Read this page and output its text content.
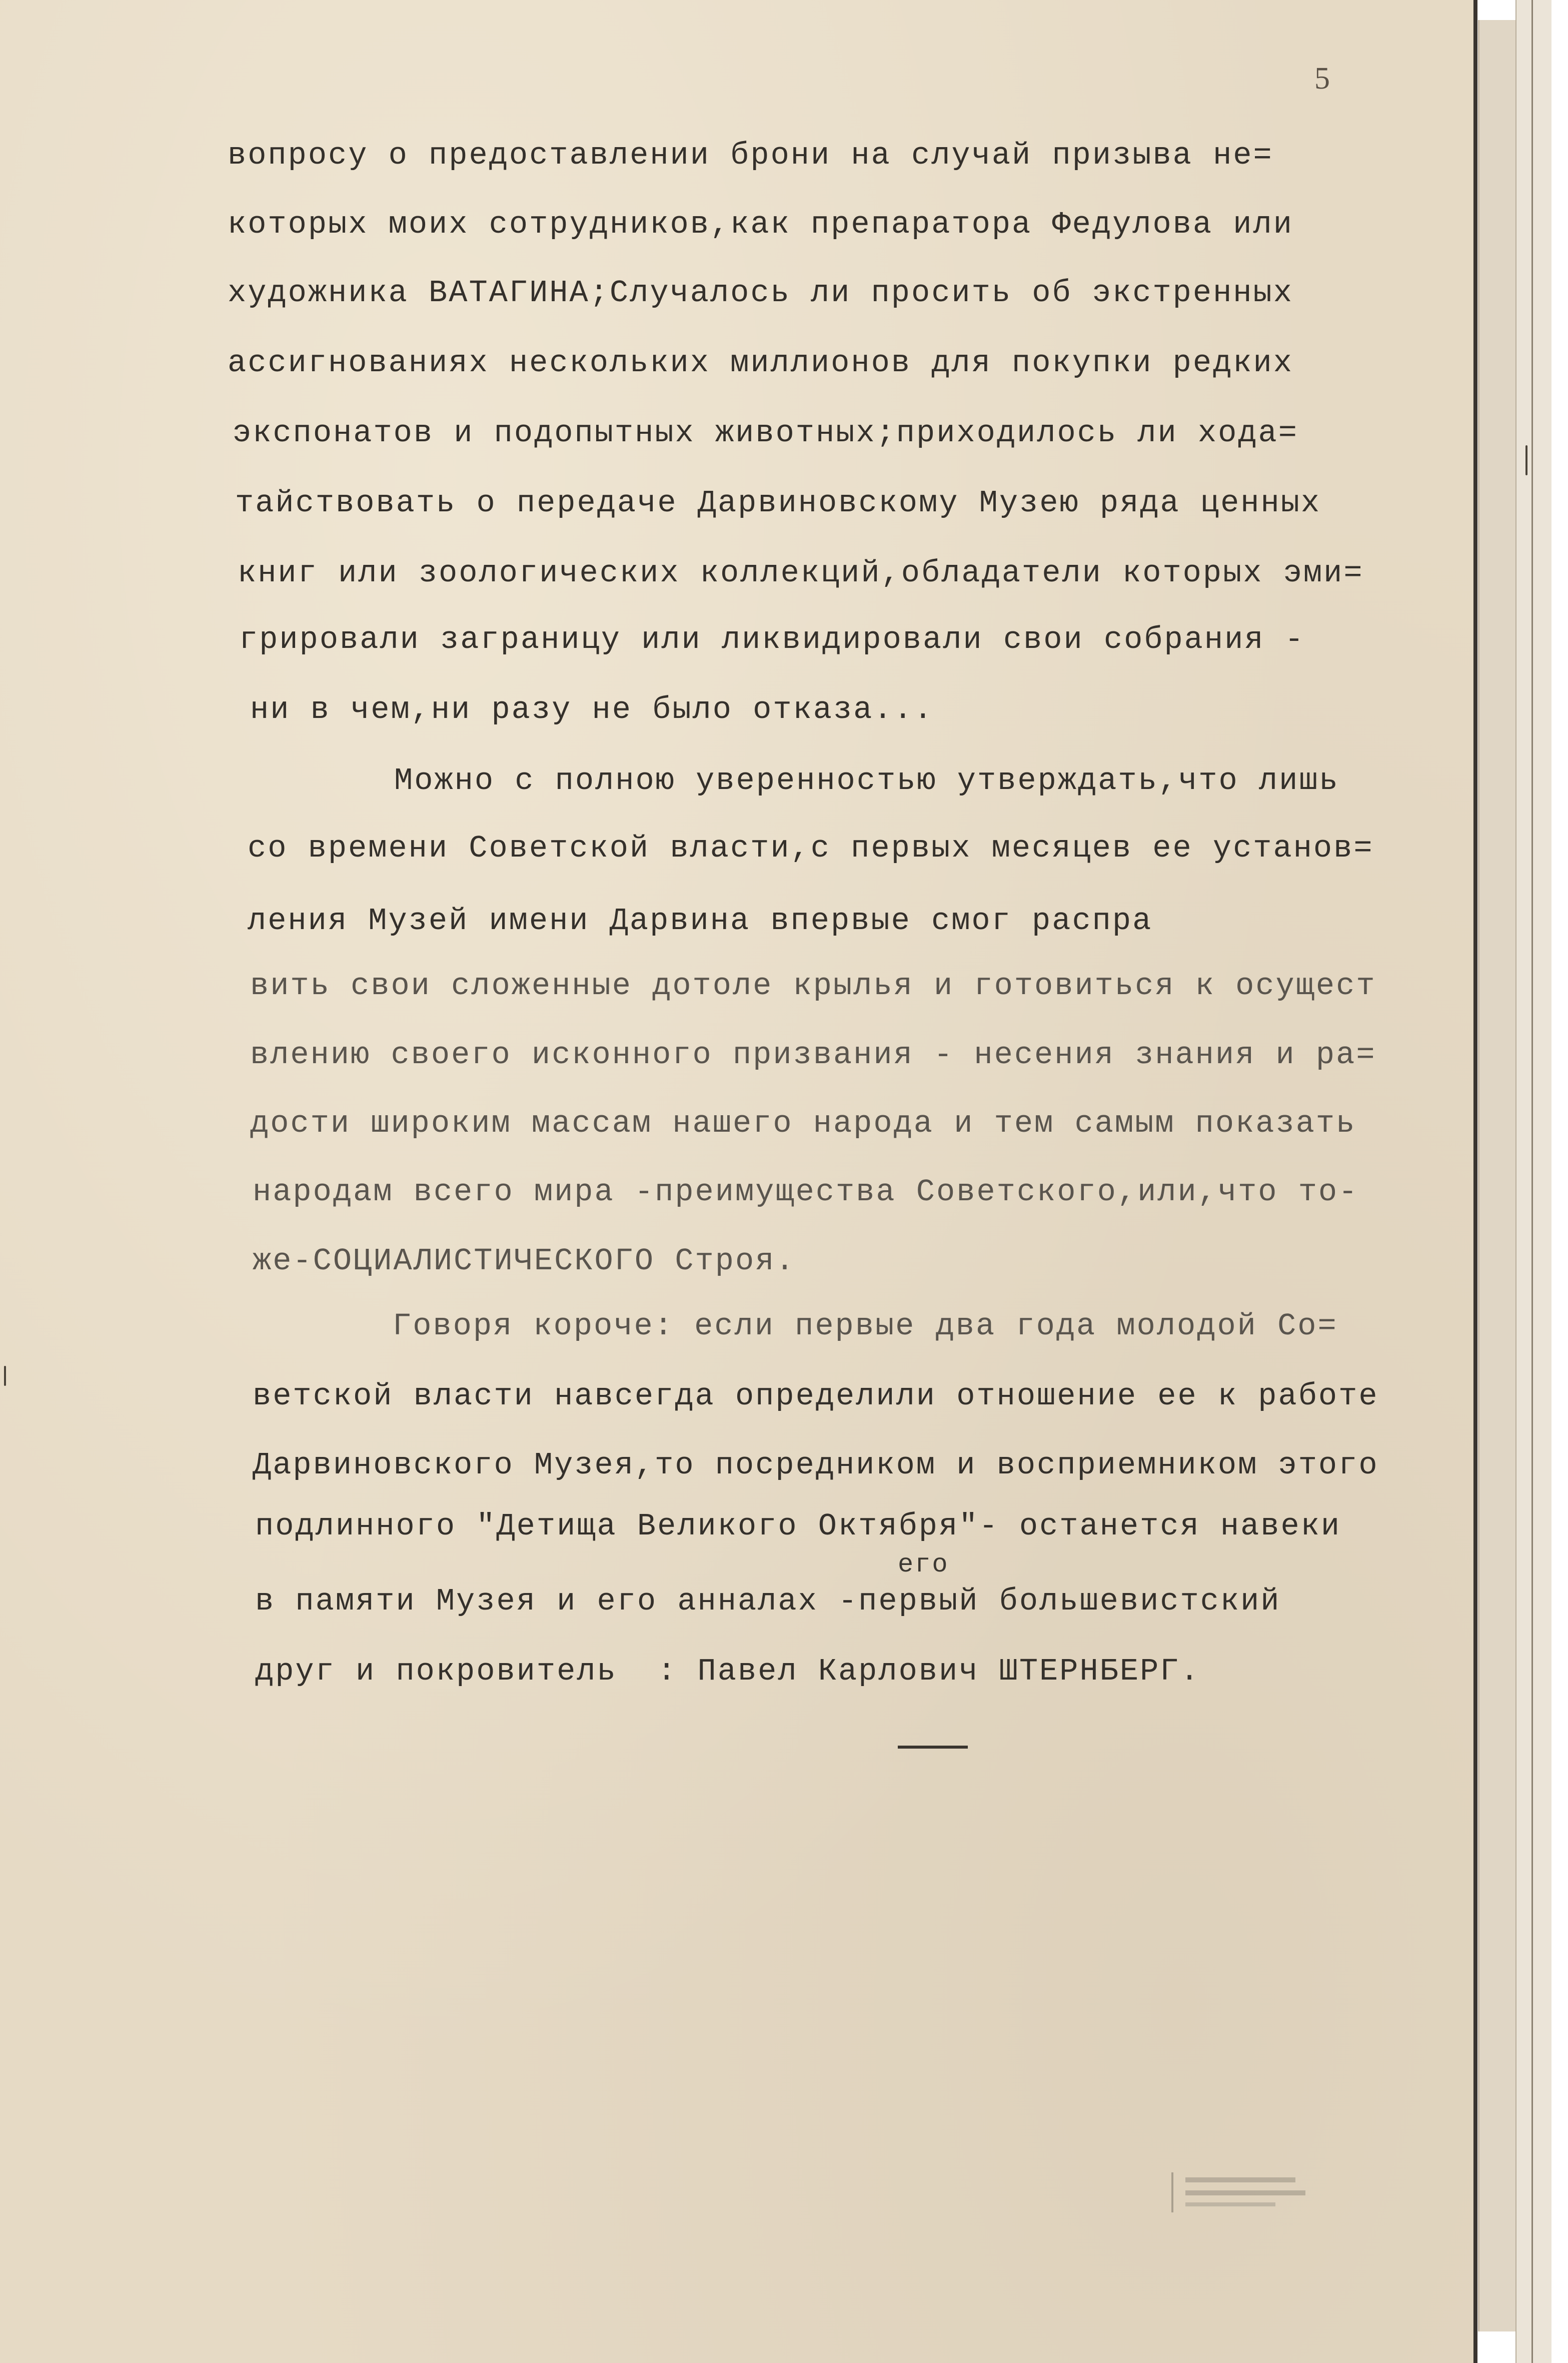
5
вопросу о предоставлении брони на случай призыва не=
которых моих сотрудников,как препаратора Федулова или
художника ВАТАГИНА;Случалось ли просить об экстренных
ассигнованиях нескольких миллионов для покупки редких
экспонатов и подопытных животных;приходилось ли хода=
тайствовать о передаче Дарвиновскому Музею ряда ценных
книг или зоологических коллекций,обладатели которых эми=
грировали заграницу или ликвидировали свои собрания -
ни в чем,ни разу не было отказа...
Можно с полною уверенностью утверждать,что лишь
со времени Советской власти,с первых месяцев ее установ=
ления Музей имени Дарвина впервые смог распра
вить свои сложенные дотоле крылья и готовиться к осущест
влению своего исконного призвания - несения знания и ра=
дости широким массам нашего народа и тем самым показать
народам всего мира -преимущества Советского,или,что то-
же-СОЦИАЛИСТИЧЕСКОГО Строя.
Говоря короче: если первые два года молодой Со=
ветской власти навсегда определили отношение ее к работе
Дарвиновского Музея,то посредником и восприемником этого
подлинного "Детища Великого Октября"- останется навеки
его
в памяти Музея и его анналах -первый большевистский
друг и покровитель  : Павел Карлович ШТЕРНБЕРГ.
